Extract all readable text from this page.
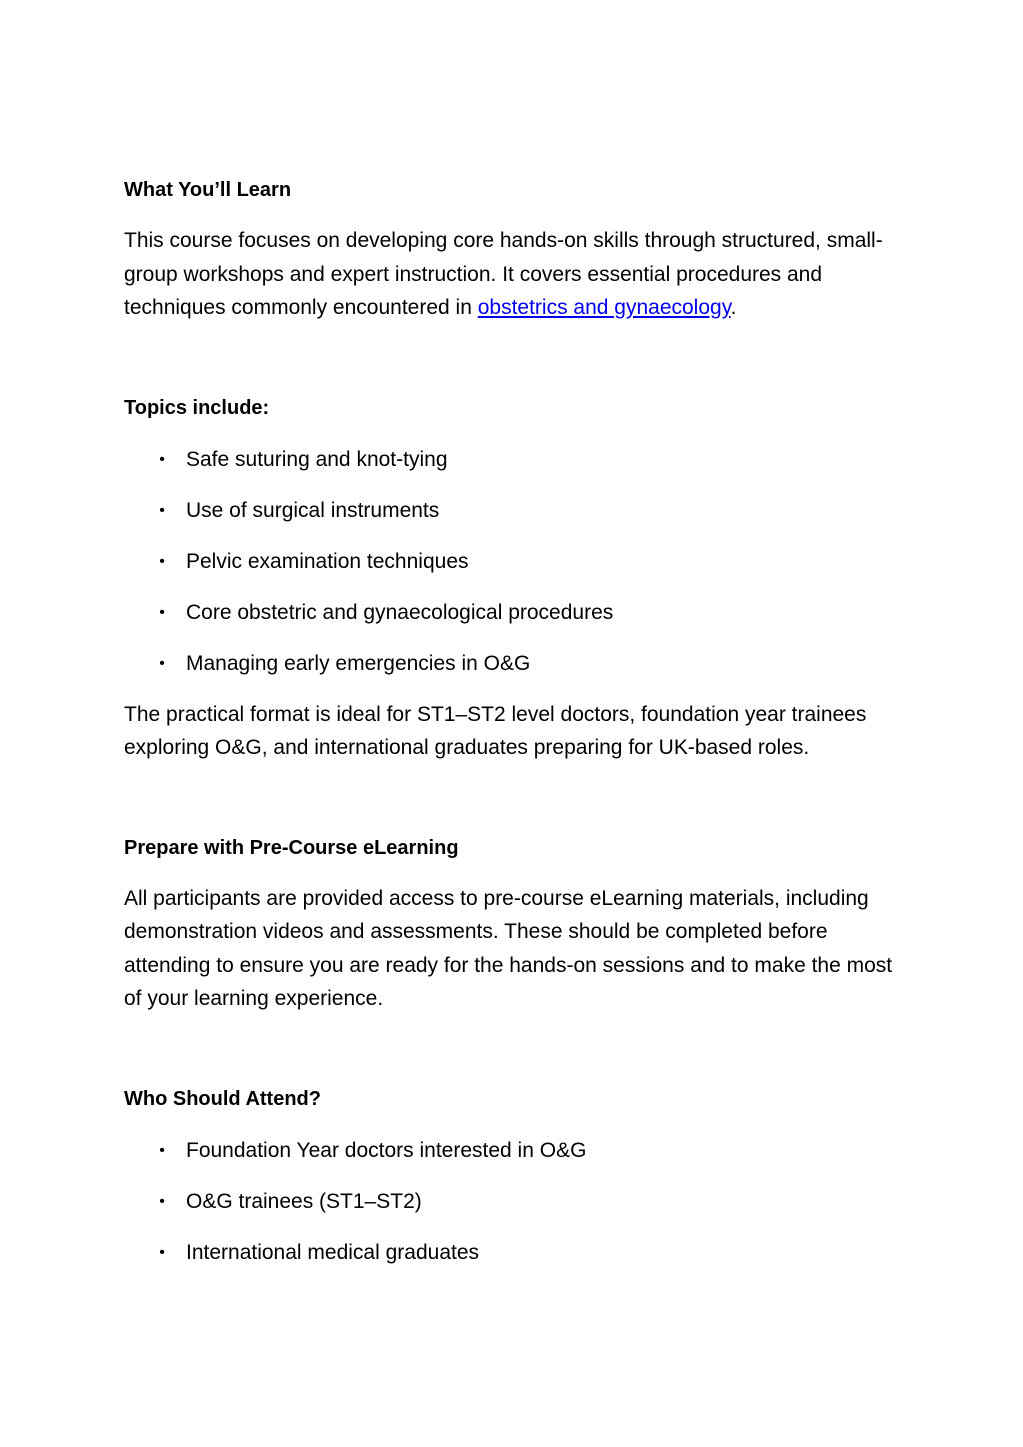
What You’ll Learn

This course focuses on developing core hands-on skills through structured, small-group workshops and expert instruction. It covers essential procedures and techniques commonly encountered in obstetrics and gynaecology.

Topics include:
• Safe suturing and knot-tying
• Use of surgical instruments
• Pelvic examination techniques
• Core obstetric and gynaecological procedures
• Managing early emergencies in O&G

The practical format is ideal for ST1–ST2 level doctors, foundation year trainees exploring O&G, and international graduates preparing for UK-based roles.

Prepare with Pre-Course eLearning

All participants are provided access to pre-course eLearning materials, including demonstration videos and assessments. These should be completed before attending to ensure you are ready for the hands-on sessions and to make the most of your learning experience.

Who Should Attend?
• Foundation Year doctors interested in O&G
• O&G trainees (ST1–ST2)
• International medical graduates
